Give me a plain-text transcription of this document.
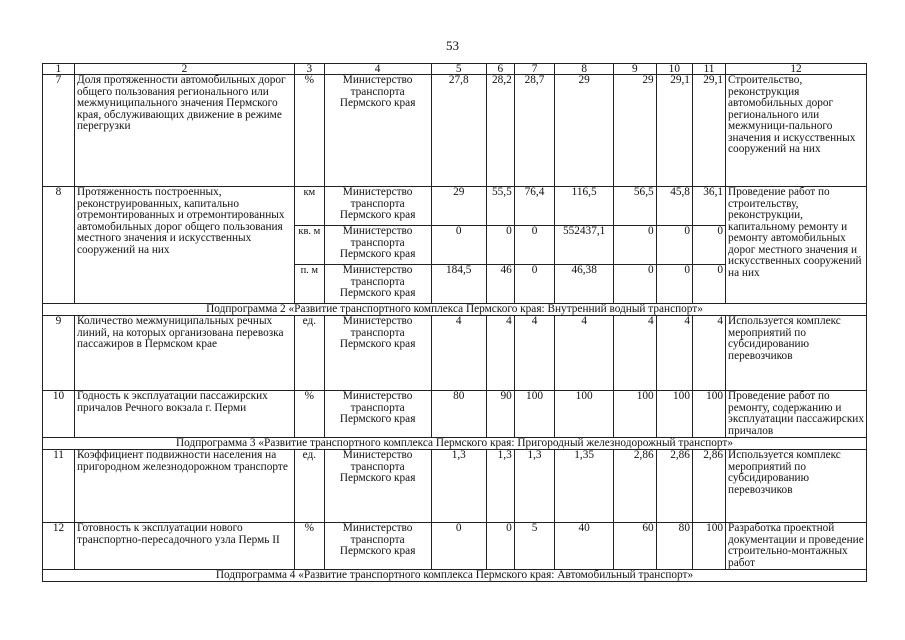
53
1	2	3	4	5	6	7	8	9	10	11	12
7	Доля протяженности автомобильных дорог общего пользования регионального или межмуниципального значения Пермского края, обслуживающих движение в режиме перегрузки	%	Министерство транспорта Пермского края	27,8	28,2	28,7	29	29	29,1	29,1	Строительство, реконструкция автомобильных дорог регионального или межмуници-пального значения и искусственных сооружений на них
8	Протяженность построенных, реконструированных, капитально отремонтированных и отремонтированных автомобильных дорог общего пользования местного значения и искусственных сооружений на них	км	Министерство транспорта Пермского края	29	55,5	76,4	116,5	56,5	45,8	36,1	Проведение работ по строительству, реконструкции, капитальному ремонту и ремонту автомобильных дорог местного значения и искусственных сооружений на них
		кв. м	Министерство транспорта Пермского края	0	0	0	552437,1	0	0	0	
		п. м	Министерство транспорта Пермского края	184,5	46	0	46,38	0	0	0	
Подпрограмма 2 «Развитие транспортного комплекса Пермского края: Внутренний водный транспорт»											
9	Количество межмуниципальных речных линий, на которых организована перевозка пассажиров в Пермском крае	ед.	Министерство транспорта Пермского края	4	4	4	4	4	4	4	Используется комплекс мероприятий по субсидированию перевозчиков
10	Годность к эксплуатации пассажирских причалов Речного вокзала г. Перми	%	Министерство транспорта Пермского края	80	90	100	100	100	100	100	Проведение работ по ремонту, содержанию и эксплуатации пассажирских причалов
Подпрограмма 3 «Развитие транспортного комплекса Пермского края: Пригородный железнодорожный транспорт»											
11	Коэффициент подвижности населения на пригородном железнодорожном транспорте	ед.	Министерство транспорта Пермского края	1,3	1,3	1,3	1,35	2,86	2,86	2,86	Используется комплекс мероприятий по субсидированию перевозчиков
12	Готовность к эксплуатации нового транспортно-пересадочного узла Пермь II	%	Министерство транспорта Пермского края	0	0	5	40	60	80	100	Разработка проектной документации и проведение строительно-монтажных работ
Подпрограмма 4 «Развитие транспортного комплекса Пермского края: Автомобильный транспорт»											
